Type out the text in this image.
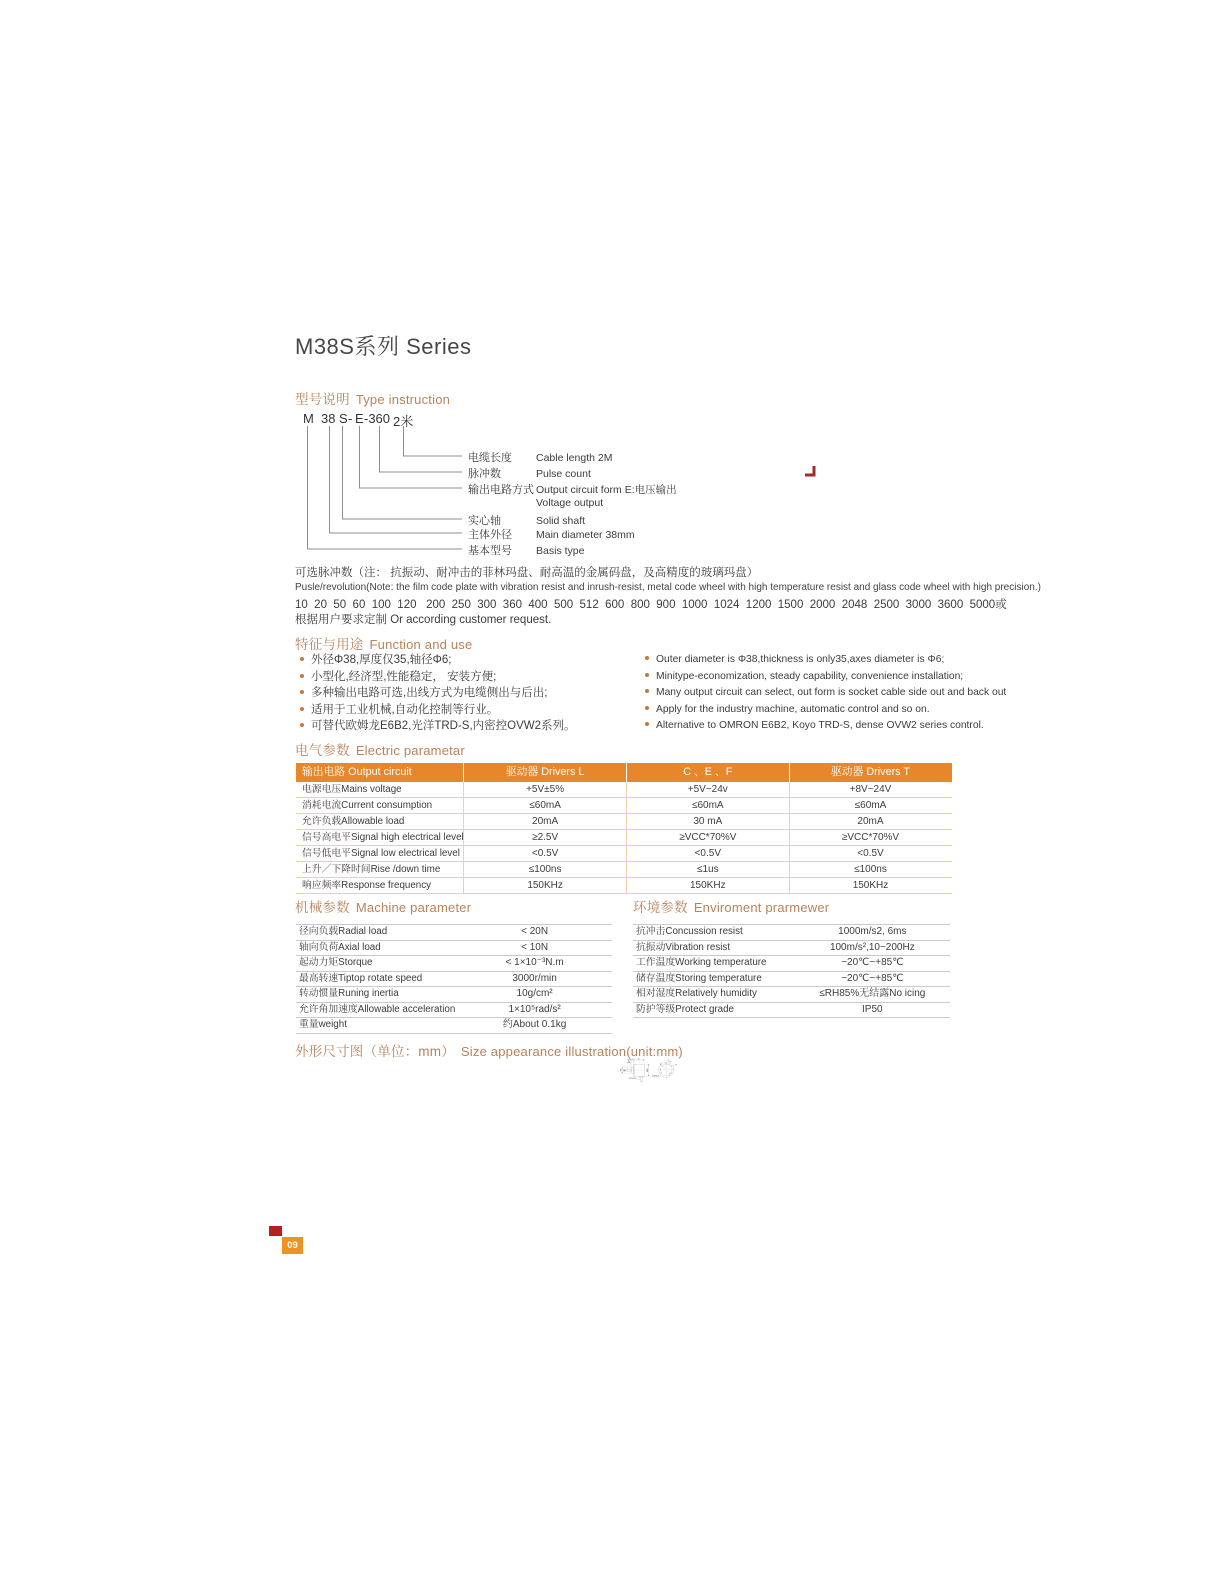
M38S系列 Series
型号说明 Type instruction
M 38 S - E -360 2米
电缆长度 Cable length 2M
脉冲数	Pulse count
输出电路方式 Output circuit form E:电压输出
Voltage output
实心轴	Solid shaft
主体外径 Main diameter 38mm
基本型号 Basis type
可选脉冲数（注： 抗振动、耐冲击的菲林玛盘、耐高温的金属码盘，及高精度的玻璃玛盘）
Pusle/revolution(Note: the film code plate with vibration resist and inrush-resist, metal code wheel with high temperature resist and glass code wheel with high precision.)
10  20  50  60  100  120   200  250  300  360  400  500  512  600  800  900  1000  1024  1200  1500  2000  2048  2500  3000  3600  5000或
根据用户要求定制 Or according customer request.
特征与用途 Function and use
外径Φ38,厚度仅35,轴径Φ6;
小型化,经济型,性能稳定， 安装方便;
多种输出电路可选,出线方式为电缆侧出与后出;
适用于工业机械,自动化控制等行业。
可替代欧姆龙E6B2,光洋TRD-S,内密控OVW2系列。
Outer diameter is Φ38,thickness is only35,axes diameter is Φ6;
Minitype-economization, steady capability, convenience installation;
Many output circuit can select, out form is socket cable side out and back out
Apply for the industry machine, automatic control and so on.
Alternative to OMRON E6B2, Koyo TRD-S, dense OVW2 series control.
电气参数 Electric parametar
输出电路 Output circuit	驱动器 Drivers L	C 、E 、F	驱动器 Drivers T
电源电压Mains voltage	+5V±5%	+5V~24v	+8V~24V
消耗电流Current consumption	≤60mA	≤60mA	≤60mA
允许负载Allowable load	20mA	30 mA	20mA
信号高电平Signal high electrical level	≥2.5V	≥VCC*70%V	≥VCC*70%V
信号低电平Signal low electrical level	<0.5V	<0.5V	<0.5V
上升／下降时间Rise /down time	≤100ns	≤1us	≤100ns
响应频率Response frequency	150KHz	150KHz	150KHz
机械参数 Machine parameter	环境参数 Enviroment prarmewer
径向负载Radial load	< 20N
轴向负荷Axial load	< 10N
起动力矩Storque	< 1×10⁻³N.m
最高转速Tiptop rotate speed	3000r/min
转动惯量Runing inertia	10g/cm²
允许角加速度Allowable acceleration	1×10⁵rad/s²
重量weight	约About 0.1kg
抗冲击Concussion resist	1000m/s2, 6ms
抗振动Vibration resist	100m/s²,10~200Hz
工作温度Working temperature	−20℃~+85℃
储存温度Storing temperature	−20℃~+85℃
相对湿度Relatively humidity	≤RH85%无结露No icing
防护等级Protect grade	IP50
外形尺寸图（单位：mm） Size appearance illustration(unit:mm)
15 5 35
10
Φ20 Φ6 Φ38±1
常规线长2米
Φ30 Φ28
30°
6-M3H7深8
09
